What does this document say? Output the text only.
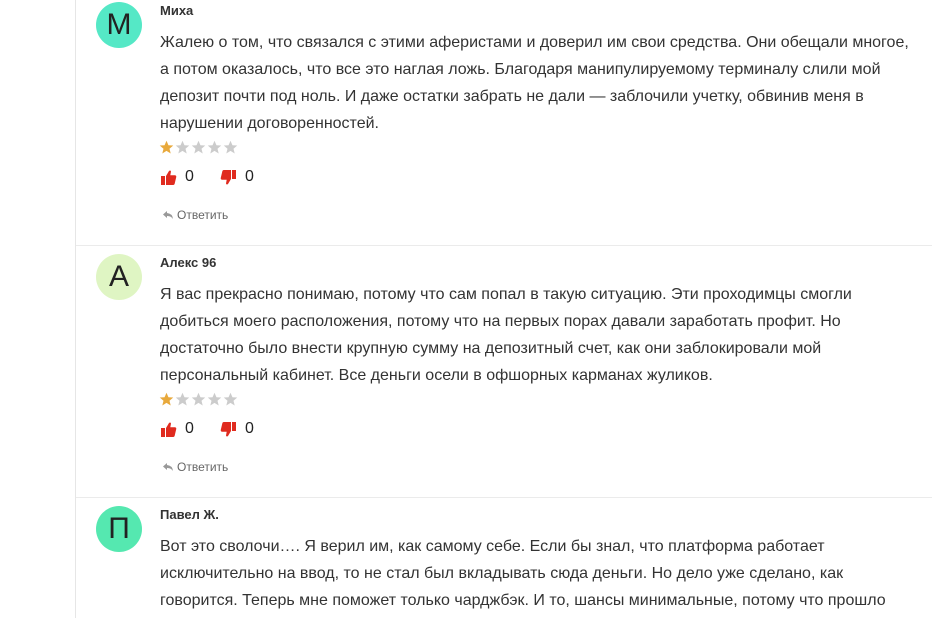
М	Миха
Жалею о том, что связался с этими аферистами и доверил им свои средства. Они обещали многое,
а потом оказалось, что все это наглая ложь. Благодаря манипулируемому терминалу слили мой
депозит почти под ноль. И даже остатки забрать не дали — заблочили учетку, обвинив меня в
нарушении договоренностей.
0	0
Ответить
А	Алекс 96
Я вас прекрасно понимаю, потому что сам попал в такую ситуацию. Эти проходимцы смогли
добиться моего расположения, потому что на первых порах давали заработать профит. Но
достаточно было внести крупную сумму на депозитный счет, как они заблокировали мой
персональный кабинет. Все деньги осели в офшорных карманах жуликов.
0	0
Ответить
П	Павел Ж.
Вот это сволочи…. Я верил им, как самому себе. Если бы знал, что платформа работает
исключительно на ввод, то не стал был вкладывать сюда деньги. Но дело уже сделано, как
говорится. Теперь мне поможет только чарджбэк. И то, шансы минимальные, потому что прошло
